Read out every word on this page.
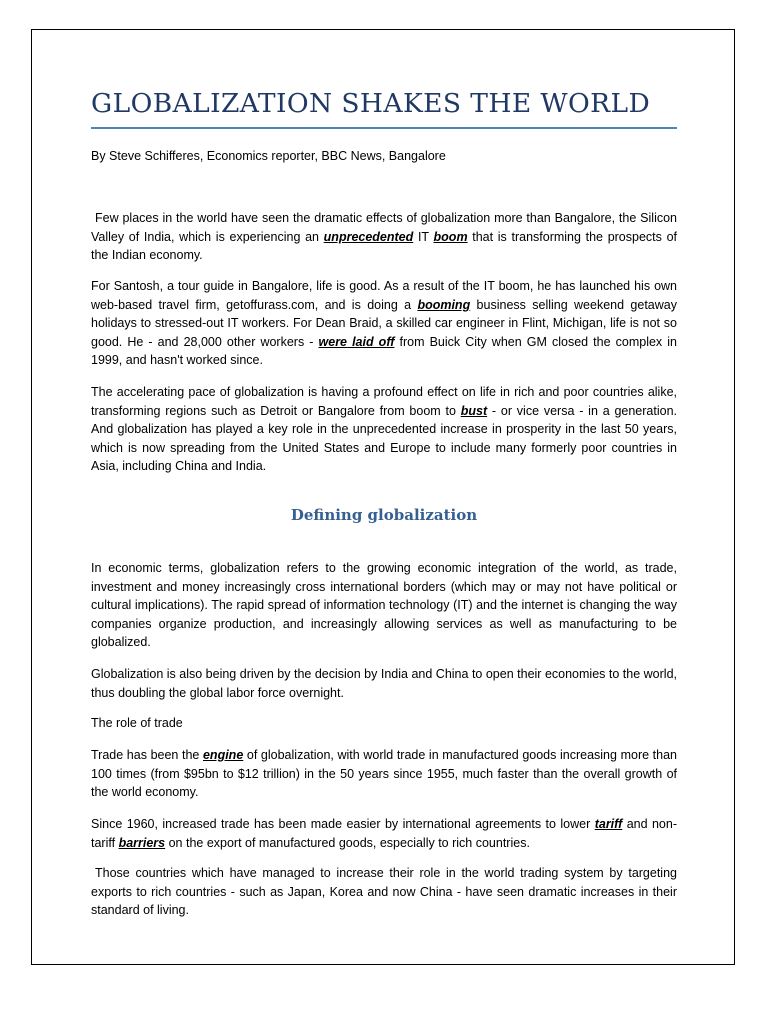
GLOBALIZATION SHAKES THE WORLD

By Steve Schifferes, Economics reporter, BBC News, Bangalore

Few places in the world have seen the dramatic effects of globalization more than Bangalore, the Silicon Valley of India, which is experiencing an unprecedented IT boom that is transforming the prospects of the Indian economy.

For Santosh, a tour guide in Bangalore, life is good. As a result of the IT boom, he has launched his own web-based travel firm, getoffurass.com, and is doing a booming business selling weekend getaway holidays to stressed-out IT workers. For Dean Braid, a skilled car engineer in Flint, Michigan, life is not so good. He - and 28,000 other workers - were laid off from Buick City when GM closed the complex in 1999, and hasn't worked since.

The accelerating pace of globalization is having a profound effect on life in rich and poor countries alike, transforming regions such as Detroit or Bangalore from boom to bust - or vice versa - in a generation. And globalization has played a key role in the unprecedented increase in prosperity in the last 50 years, which is now spreading from the United States and Europe to include many formerly poor countries in Asia, including China and India.

Defining globalization

In economic terms, globalization refers to the growing economic integration of the world, as trade, investment and money increasingly cross international borders (which may or may not have political or cultural implications). The rapid spread of information technology (IT) and the internet is changing the way companies organize production, and increasingly allowing services as well as manufacturing to be globalized.

Globalization is also being driven by the decision by India and China to open their economies to the world, thus doubling the global labor force overnight.

The role of trade

Trade has been the engine of globalization, with world trade in manufactured goods increasing more than 100 times (from $95bn to $12 trillion) in the 50 years since 1955, much faster than the overall growth of the world economy.

Since 1960, increased trade has been made easier by international agreements to lower tariff and non-tariff barriers on the export of manufactured goods, especially to rich countries.

Those countries which have managed to increase their role in the world trading system by targeting exports to rich countries - such as Japan, Korea and now China - have seen dramatic increases in their standard of living.
